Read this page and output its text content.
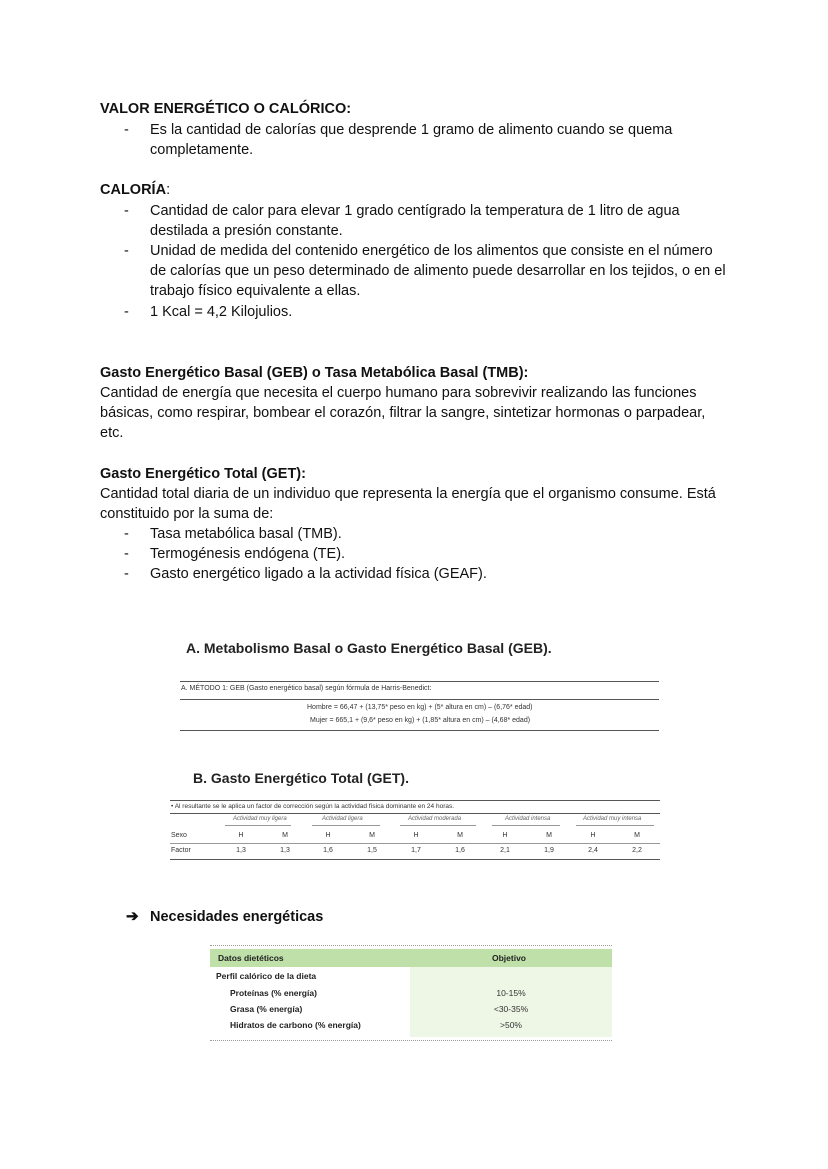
VALOR ENERGÉTICO O CALÓRICO:
- Es la cantidad de calorías que desprende 1 gramo de alimento cuando se quema completamente.
CALORÍA:
- Cantidad de calor para elevar 1 grado centígrado la temperatura de 1 litro de agua destilada a presión constante.
- Unidad de medida del contenido energético de los alimentos que consiste en el número de calorías que un peso determinado de alimento puede desarrollar en los tejidos, o en el trabajo físico equivalente a ellas.
- 1 Kcal = 4,2 Kilojulios.
Gasto Energético Basal (GEB) o Tasa Metabólica Basal (TMB):
Cantidad de energía que necesita el cuerpo humano para sobrevivir realizando las funciones básicas, como respirar, bombear el corazón, filtrar la sangre, sintetizar hormonas o parpadear, etc.
Gasto Energético Total (GET):
Cantidad total diaria de un individuo que representa la energía que el organismo consume. Está constituido por la suma de:
- Tasa metabólica basal (TMB).
- Termogénesis endógena (TE).
- Gasto energético ligado a la actividad física (GEAF).
A. Metabolismo Basal o Gasto Energético Basal (GEB).
A. MÉTODO 1: GEB (Gasto energético basal) según fórmula de Harris-Benedict:
Hombre = 66,47 + (13,75* peso en kg) + (5* altura en cm) – (6,76* edad)
Mujer = 665,1 + (9,6* peso en kg) + (1,85* altura en cm) – (4,68* edad)
B. Gasto Energético Total (GET).
• Al resultante se le aplica un factor de corrección según la actividad física dominante en 24 horas.
Actividad muy ligera	Actividad ligera	Actividad moderada	Actividad intensa	Actividad muy intensa
Sexo	H	M	H	M	H	M	H	M	H	M
Factor	1,3	1,3	1,6	1,5	1,7	1,6	2,1	1,9	2,4	2,2
➔ Necesidades energéticas
Datos dietéticos	Objetivo
Perfil calórico de la dieta
Proteínas (% energía)	10-15%
Grasa (% energía)	<30-35%
Hidratos de carbono (% energía)	>50%
